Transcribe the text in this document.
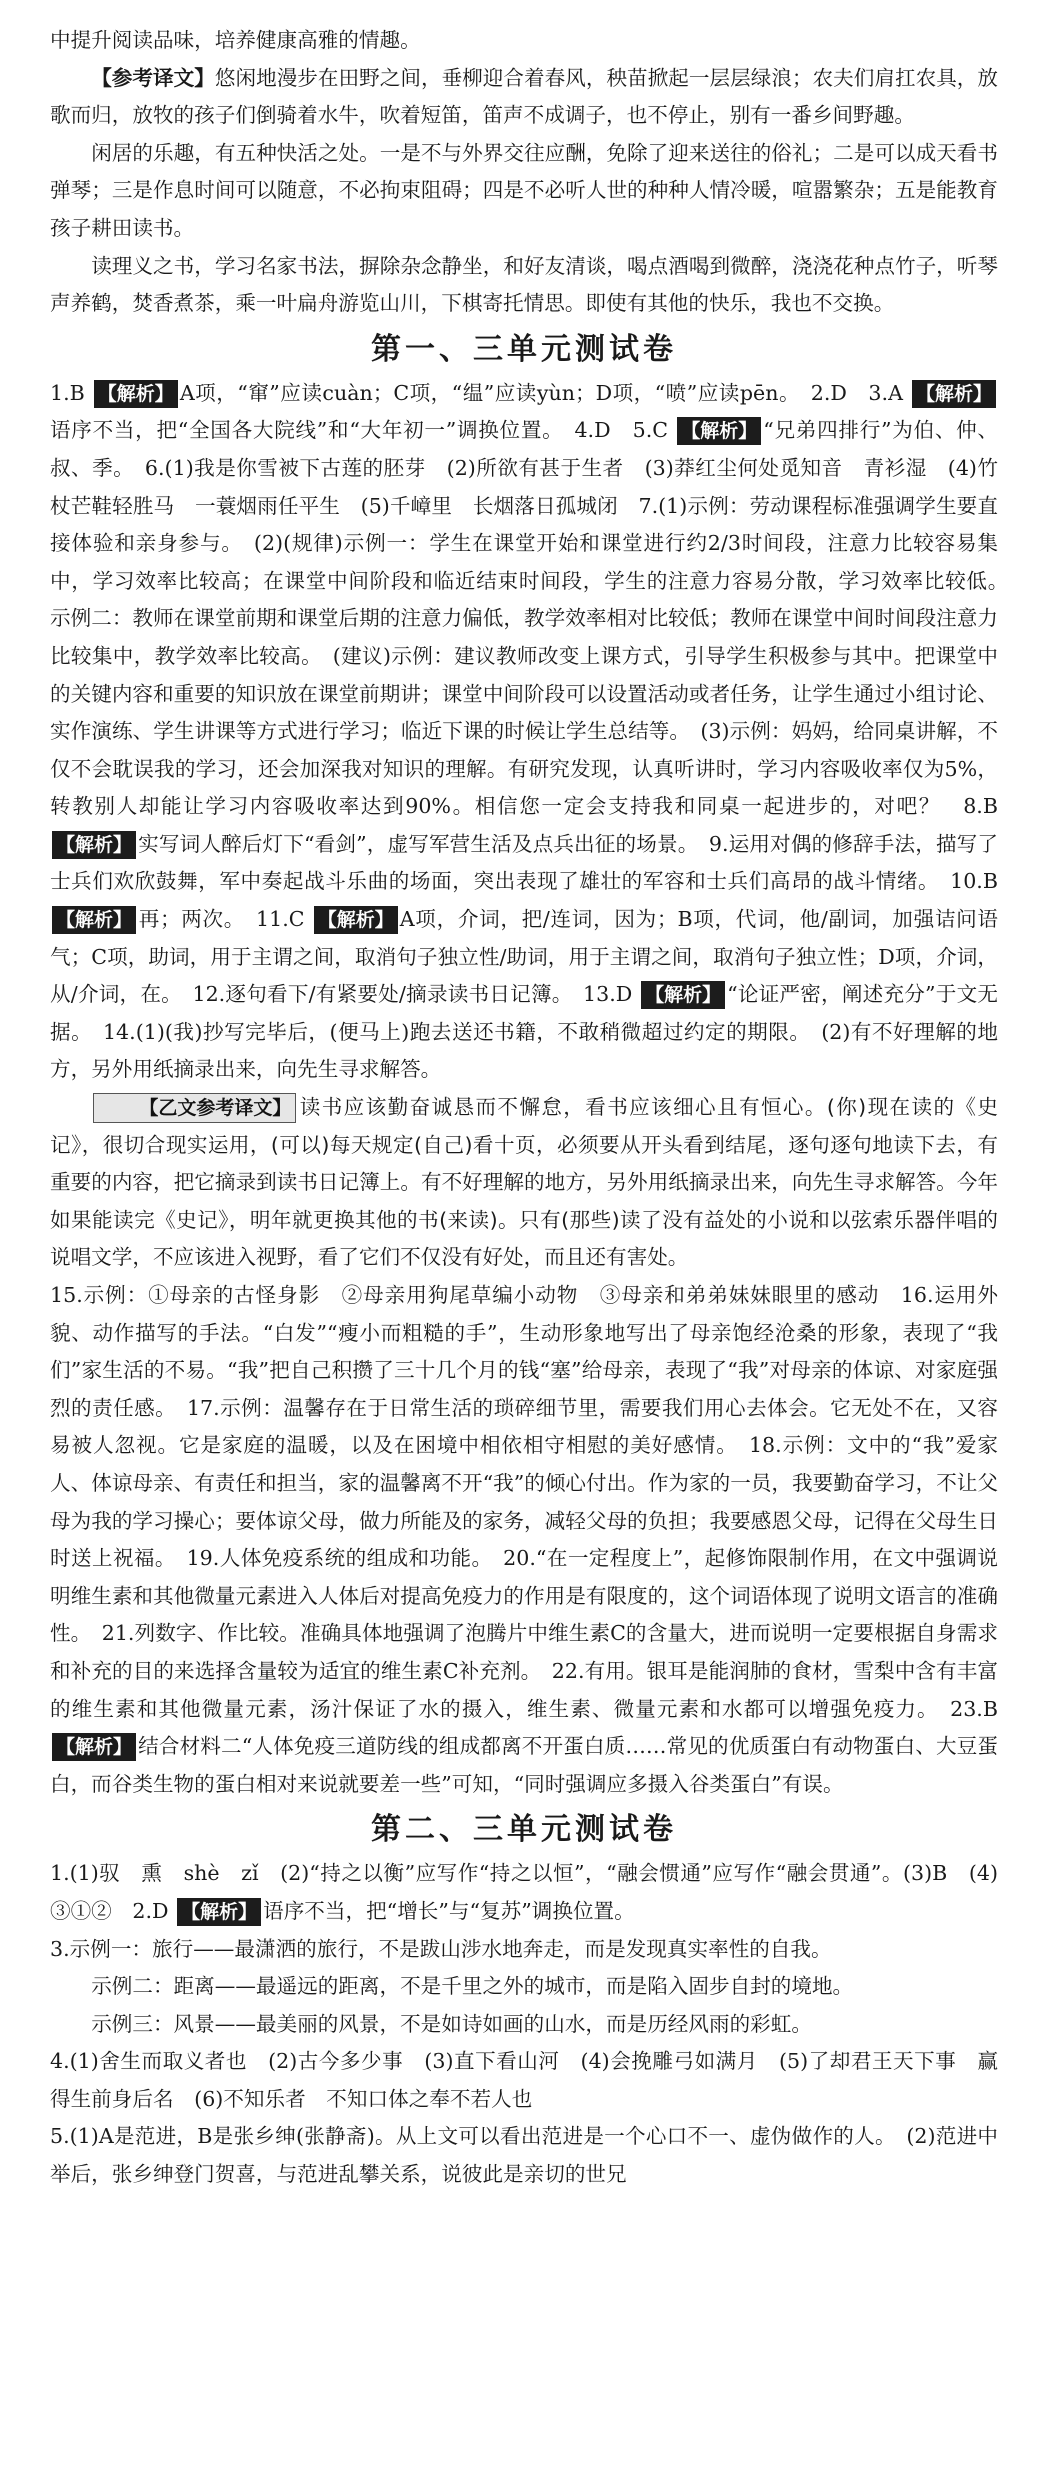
中提升阅读品味，培养健康高雅的情趣。

【参考译文】悠闲地漫步在田野之间，垂柳迎合着春风，秧苗掀起一层层绿浪；农夫们肩扛农具，放歌而归，放牧的孩子们倒骑着水牛，吹着短笛，笛声不成调子，也不停止，别有一番乡间野趣。

闲居的乐趣，有五种快活之处。一是不与外界交往应酬，免除了迎来送往的俗礼；二是可以成天看书弹琴；三是作息时间可以随意，不必拘束阻碍；四是不必听人世的种种人情冷暖，喧嚣繁杂；五是能教育孩子耕田读书。

读理义之书，学习名家书法，摒除杂念静坐，和好友清谈，喝点酒喝到微醉，浇浇花种点竹子，听琴声养鹤，焚香煮茶，乘一叶扁舟游览山川，下棋寄托情思。即使有其他的快乐，我也不交换。

第一、三单元测试卷

1.B 【解析】 A项，“窜”应读cuàn；C项，“缊”应读yùn；D项，“喷”应读pēn。　2.D　3.A 【解析】语序不当，把“全国各大院线”和“大年初一”调换位置。　4.D　5.C 【解析】 “兄弟四排行”为伯、仲、叔、季。　6.(1)我是你雪被下古莲的胚芽　(2)所欲有甚于生者　(3)莽红尘何处觅知音　青衫湿　(4)竹杖芒鞋轻胜马　一蓑烟雨任平生　(5)千嶂里　长烟落日孤城闭　7.(1)示例：劳动课程标准强调学生要直接体验和亲身参与。　(2)(规律)示例一：学生在课堂开始和课堂进行约2/3时间段，注意力比较容易集中，学习效率比较高；在课堂中间阶段和临近结束时间段，学生的注意力容易分散，学习效率比较低。　示例二：教师在课堂前期和课堂后期的注意力偏低，教学效率相对比较低；教师在课堂中间时间段注意力比较集中，教学效率比较高。　(建议)示例：建议教师改变上课方式，引导学生积极参与其中。把课堂中的关键内容和重要的知识放在课堂前期讲；课堂中间阶段可以设置活动或者任务，让学生通过小组讨论、实作演练、学生讲课等方式进行学习；临近下课的时候让学生总结等。　(3)示例：妈妈，给同桌讲解，不仅不会耽误我的学习，还会加深我对知识的理解。有研究发现，认真听讲时，学习内容吸收率仅为5%，转教别人却能让学习内容吸收率达到90%。相信您一定会支持我和同桌一起进步的，对吧？　8.B 【解析】 实写词人醉后灯下“看剑”，虚写军营生活及点兵出征的场景。　9.运用对偶的修辞手法，描写了士兵们欢欣鼓舞，军中奏起战斗乐曲的场面，突出表现了雄壮的军容和士兵们高昂的战斗情绪。　10.B 【解析】 再；两次。　11.C 【解析】 A项，介词，把/连词，因为；B项，代词，他/副词，加强诘问语气；C项，助词，用于主谓之间，取消句子独立性/助词，用于主谓之间，取消句子独立性；D项，介词，从/介词，在。　12.逐句看下/有紧要处/摘录读书日记簿。　13.D 【解析】 “论证严密，阐述充分”于文无据。　14.(1)(我)抄写完毕后，(便马上)跑去送还书籍，不敢稍微超过约定的期限。　(2)有不好理解的地方，另外用纸摘录出来，向先生寻求解答。

【乙文参考译文】 读书应该勤奋诚恳而不懈怠，看书应该细心且有恒心。(你)现在读的《史记》，很切合现实运用，(可以)每天规定(自己)看十页，必须要从开头看到结尾，逐句逐句地读下去，有重要的内容，把它摘录到读书日记簿上。有不好理解的地方，另外用纸摘录出来，向先生寻求解答。今年如果能读完《史记》，明年就更换其他的书(来读)。只有(那些)读了没有益处的小说和以弦索乐器伴唱的说唱文学，不应该进入视野，看了它们不仅没有好处，而且还有害处。

15.示例：①母亲的古怪身影　②母亲用狗尾草编小动物　③母亲和弟弟妹妹眼里的感动　16.运用外貌、动作描写的手法。“白发”“瘦小而粗糙的手”，生动形象地写出了母亲饱经沧桑的形象，表现了“我们”家生活的不易。“我”把自己积攒了三十几个月的钱“塞”给母亲，表现了“我”对母亲的体谅、对家庭强烈的责任感。　17.示例：温馨存在于日常生活的琐碎细节里，需要我们用心去体会。它无处不在，又容易被人忽视。它是家庭的温暖，以及在困境中相依相守相慰的美好感情。　18.示例：文中的“我”爱家人、体谅母亲、有责任和担当，家的温馨离不开“我”的倾心付出。作为家的一员，我要勤奋学习，不让父母为我的学习操心；要体谅父母，做力所能及的家务，减轻父母的负担；我要感恩父母，记得在父母生日时送上祝福。　19.人体免疫系统的组成和功能。　20.“在一定程度上”，起修饰限制作用，在文中强调说明维生素和其他微量元素进入人体后对提高免疫力的作用是有限度的，这个词语体现了说明文语言的准确性。　21.列数字、作比较。准确具体地强调了泡腾片中维生素C的含量大，进而说明一定要根据自身需求和补充的目的来选择含量较为适宜的维生素C补充剂。　22.有用。银耳是能润肺的食材，雪梨中含有丰富的维生素和其他微量元素，汤汁保证了水的摄入，维生素、微量元素和水都可以增强免疫力。　23.B 【解析】 结合材料二“人体免疫三道防线的组成都离不开蛋白质……常见的优质蛋白有动物蛋白、大豆蛋白，而谷类生物的蛋白相对来说就要差一些”可知，“同时强调应多摄入谷类蛋白”有误。

第二、三单元测试卷

1.(1)驭　熏　shè　zǐ　(2)“持之以衡”应写作“持之以恒”，“融会惯通”应写作“融会贯通”。(3)B　(4)③①②　2.D 【解析】 语序不当，把“增长”与“复苏”调换位置。

3.示例一：旅行——最潇洒的旅行，不是跋山涉水地奔走，而是发现真实率性的自我。

示例二：距离——最遥远的距离，不是千里之外的城市，而是陷入固步自封的境地。

示例三：风景——最美丽的风景，不是如诗如画的山水，而是历经风雨的彩虹。

4.(1)舍生而取义者也　(2)古今多少事　(3)直下看山河　(4)会挽雕弓如满月　(5)了却君王天下事　赢得生前身后名　(6)不知乐者　不知口体之奉不若人也

5.(1)A是范进，B是张乡绅(张静斋)。从上文可以看出范进是一个心口不一、虚伪做作的人。　(2)范进中举后，张乡绅登门贺喜，与范进乱攀关系，说彼此是亲切的世兄
